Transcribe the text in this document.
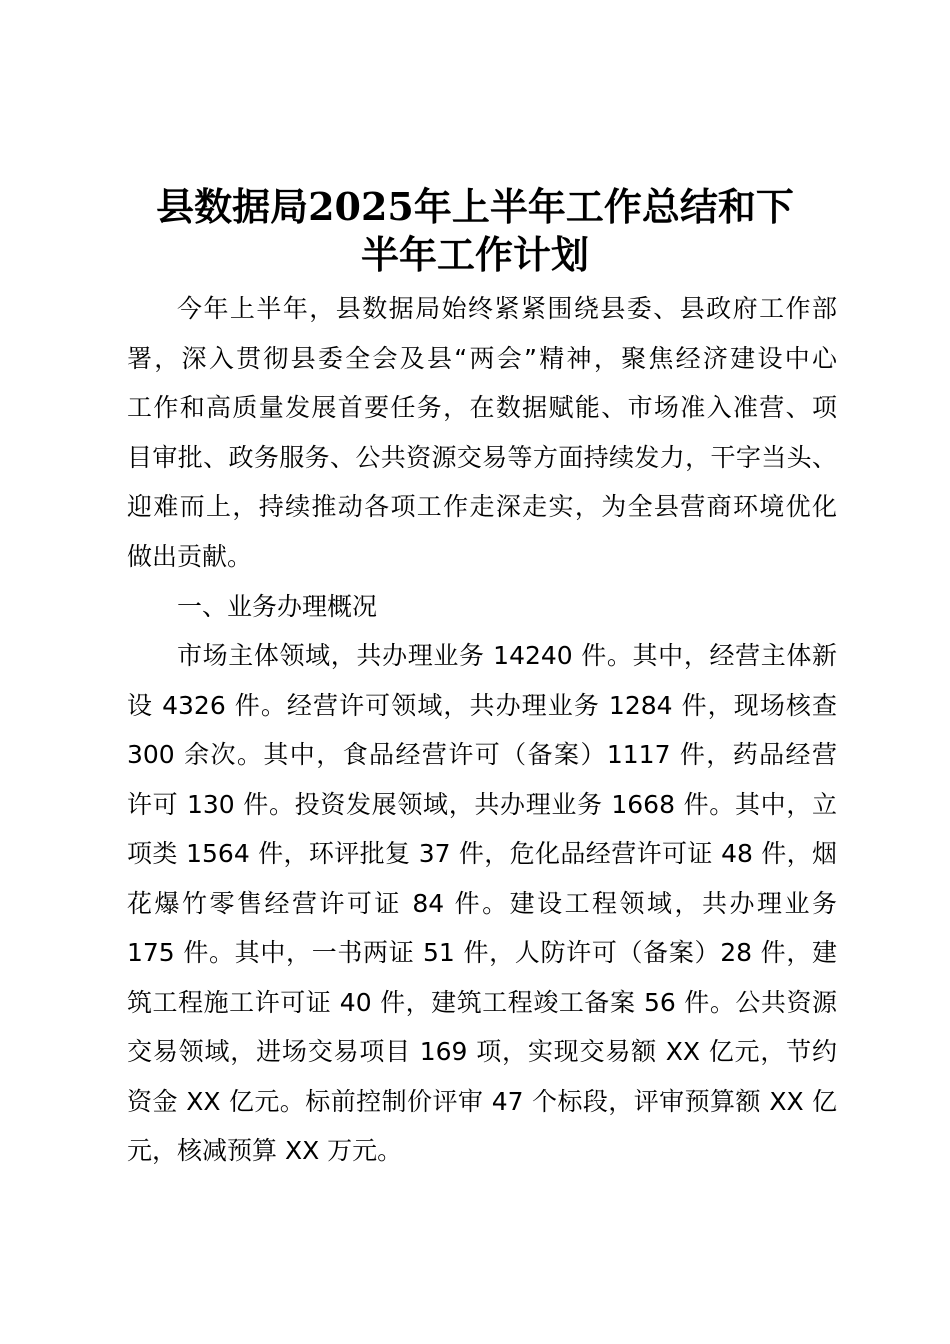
县数据局2025年上半年工作总结和下
半年工作计划
今年上半年，县数据局始终紧紧围绕县委、县政府工作部
署，深入贯彻县委全会及县“两会”精神，聚焦经济建设中心
工作和高质量发展首要任务，在数据赋能、市场准入准营、项
目审批、政务服务、公共资源交易等方面持续发力，干字当头、
迎难而上，持续推动各项工作走深走实，为全县营商环境优化
做出贡献。
一、业务办理概况
市场主体领域，共办理业务 14240 件。其中，经营主体新
设 4326 件。经营许可领域，共办理业务 1284 件，现场核查
300 余次。其中，食品经营许可（备案）1117 件，药品经营
许可 130 件。投资发展领域，共办理业务 1668 件。其中，立
项类 1564 件，环评批复 37 件，危化品经营许可证 48 件，烟
花爆竹零售经营许可证 84 件。建设工程领域，共办理业务
175 件。其中，一书两证 51 件，人防许可（备案）28 件，建
筑工程施工许可证 40 件，建筑工程竣工备案 56 件。公共资源
交易领域，进场交易项目 169 项，实现交易额 XX 亿元，节约
资金 XX 亿元。标前控制价评审 47 个标段，评审预算额 XX 亿
元，核减预算 XX 万元。
